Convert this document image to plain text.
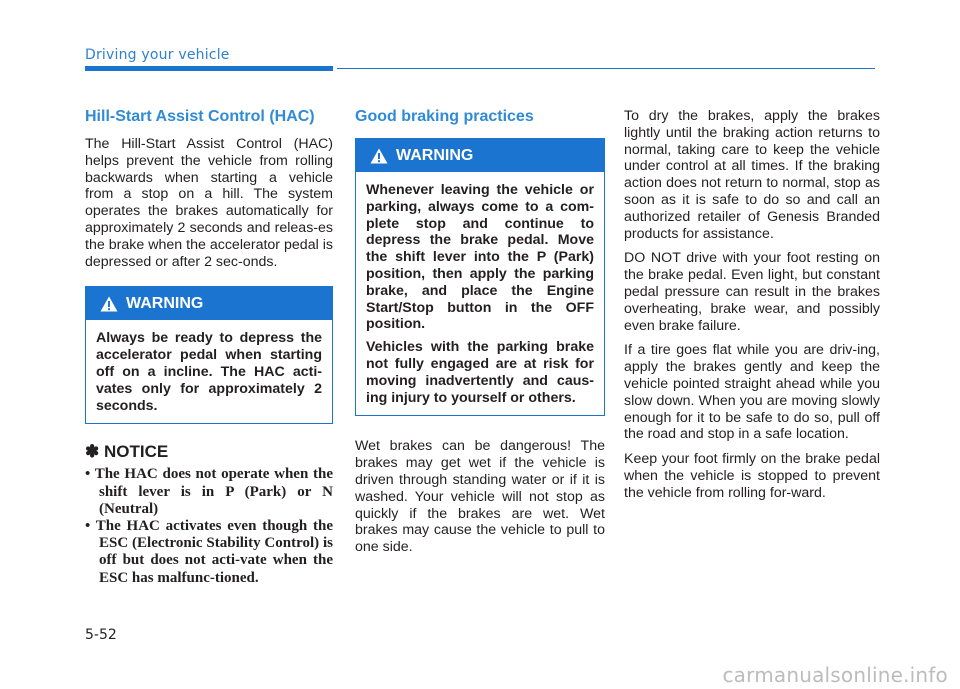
Driving your vehicle
Hill-Start Assist Control (HAC)

The Hill-Start Assist Control (HAC) helps prevent the vehicle from rolling backwards when starting a vehicle from a stop on a hill. The system operates the brakes automatically for approximately 2 seconds and releas-es the brake when the accelerator pedal is depressed or after 2 sec-onds.

WARNING

Always be ready to depress the accelerator pedal when starting off on a incline. The HAC acti-vates only for approximately 2 seconds.

✽ NOTICE
• The HAC does not operate when the shift lever is in P (Park) or N (Neutral)
• The HAC activates even though the ESC (Electronic Stability Control) is off but does not acti-vate when the ESC has malfunc-tioned.
Good braking practices
WARNING

Whenever leaving the vehicle or parking, always come to a com-plete stop and continue to depress the brake pedal. Move the shift lever into the P (Park) position, then apply the parking brake, and place the Engine Start/Stop button in the OFF position.

Vehicles with the parking brake not fully engaged are at risk for moving inadvertently and caus-ing injury to yourself or others.

Wet brakes can be dangerous! The brakes may get wet if the vehicle is driven through standing water or if it is washed. Your vehicle will not stop as quickly if the brakes are wet. Wet brakes may cause the vehicle to pull to one side.

To dry the brakes, apply the brakes lightly until the braking action returns to normal, taking care to keep the vehicle under control at all times. If the braking action does not return to normal, stop as soon as it is safe to do so and call an authorized retailer of Genesis Branded products for assistance.

DO NOT drive with your foot resting on the brake pedal. Even light, but constant pedal pressure can result in the brakes overheating, brake wear, and possibly even brake failure.

If a tire goes flat while you are driv-ing, apply the brakes gently and keep the vehicle pointed straight ahead while you slow down. When you are moving slowly enough for it to be safe to do so, pull off the road and stop in a safe location.

Keep your foot firmly on the brake pedal when the vehicle is stopped to prevent the vehicle from rolling for-ward.

5-52
carmanualsonline.info
